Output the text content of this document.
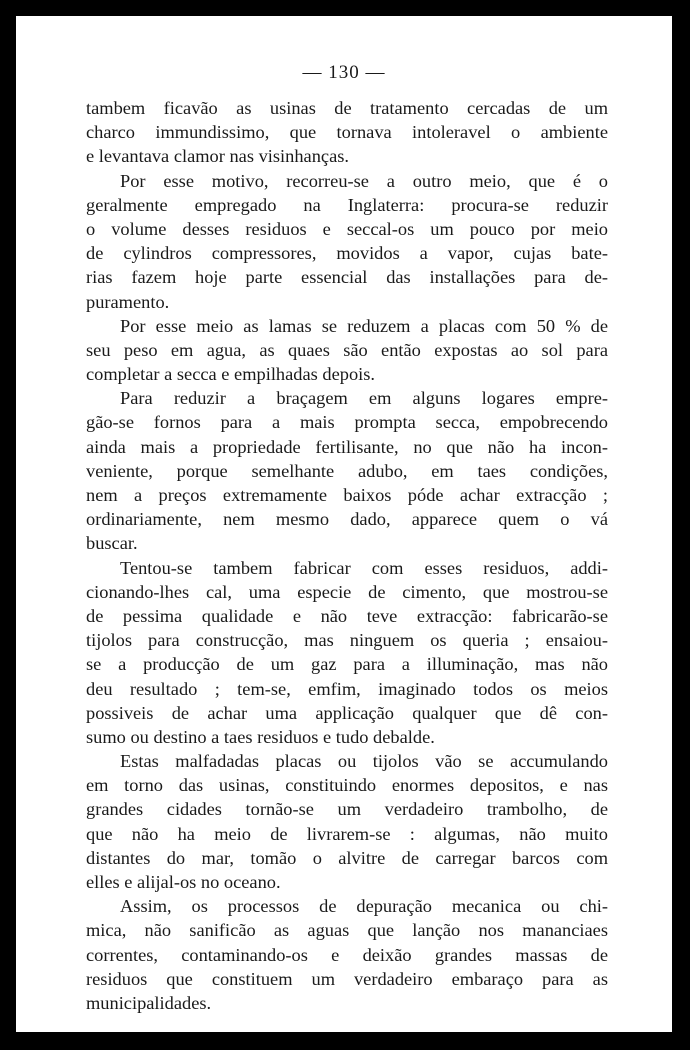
— 130 —
tambem ficavão as usinas de tratamento cercadas de um
charco immundissimo, que tornava intoleravel o ambiente
e levantava clamor nas visinhanças.
Por esse motivo, recorreu-se a outro meio, que é o
geralmente empregado na Inglaterra: procura-se reduzir
o volume desses residuos e seccal-os um pouco por meio
de cylindros compressores, movidos a vapor, cujas bate-
rias fazem hoje parte essencial das installações para de-
puramento.
Por esse meio as lamas se reduzem a placas com 50 % de
seu peso em agua, as quaes são então expostas ao sol para
completar a secca e empilhadas depois.
Para reduzir a braçagem em alguns logares empre-
gão-se fornos para a mais prompta secca, empobrecendo
ainda mais a propriedade fertilisante, no que não ha incon-
veniente, porque semelhante adubo, em taes condições,
nem a preços extremamente baixos póde achar extracção ;
ordinariamente, nem mesmo dado, apparece quem o vá
buscar.
Tentou-se tambem fabricar com esses residuos, addi-
cionando-lhes cal, uma especie de cimento, que mostrou-se
de pessima qualidade e não teve extracção: fabricarão-se
tijolos para construcção, mas ninguem os queria ; ensaiou-
se a producção de um gaz para a illuminação, mas não
deu resultado ; tem-se, emfim, imaginado todos os meios
possiveis de achar uma applicação qualquer que dê con-
sumo ou destino a taes residuos e tudo debalde.
Estas malfadadas placas ou tijolos vão se accumulando
em torno das usinas, constituindo enormes depositos, e nas
grandes cidades tornão-se um verdadeiro trambolho, de
que não ha meio de livrarem-se : algumas, não muito
distantes do mar, tomão o alvitre de carregar barcos com
elles e alijal-os no oceano.
Assim, os processos de depuração mecanica ou chi-
mica, não sanificão as aguas que lanção nos mananciaes
correntes, contaminando-os e deixão grandes massas de
residuos que constituem um verdadeiro embaraço para as
municipalidades.
